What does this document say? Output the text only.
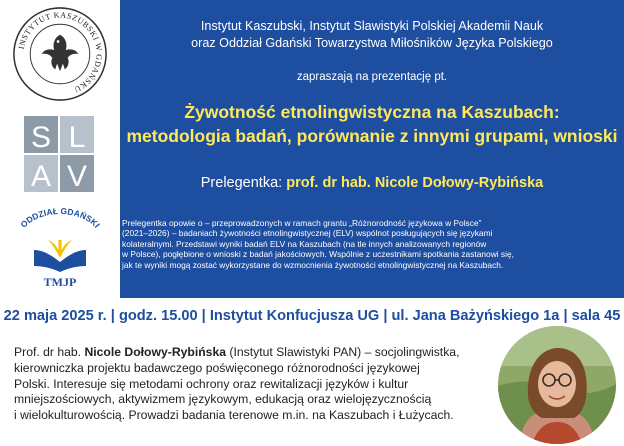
INSTYTUT KASZUBSKI W GDAŃSKU
S L
A V
ODDZIAŁ GDAŃSKI
TMJP
Instytut Kaszubski, Instytut Slawistyki Polskiej Akademii Nauk
oraz Oddział Gdański Towarzystwa Miłośników Języka Polskiego
zapraszają na prezentację pt.
Żywotność etnolingwistyczna na Kaszubach:
metodologia badań, porównanie z innymi grupami, wnioski
Prelegentka: prof. dr hab. Nicole Dołowy-Rybińska
Prelegentka opowie o – przeprowadzonych w ramach grantu „Różnorodność językowa w Polsce”
(2021–2026) – badaniach żywotności etnolingwistycznej (ELV) wspólnot posługujących się językami
kolateralnymi. Przedstawi wyniki badań ELV na Kaszubach (na tle innych analizowanych regionów
w Polsce), pogłębione o wnioski z badań jakościowych. Wspólnie z uczestnikami spotkania zastanowi się,
jak te wyniki mogą zostać wykorzystane do wzmocnienia żywotności etnolingwistycznej na Kaszubach.
22 maja 2025 r. | godz. 15.00 | Instytut Konfucjusza UG | ul. Jana Bażyńskiego 1a | sala 45
Prof. dr hab. Nicole Dołowy-Rybińska (Instytut Slawistyki PAN) – socjolingwistka,
kierowniczka projektu badawczego poświęconego różnorodności językowej
Polski. Interesuje się metodami ochrony oraz rewitalizacji języków i kultur
mniejszościowych, aktywizmem językowym, edukacją oraz wielojęzycznością
i wielokulturowością. Prowadzi badania terenowe m.in. na Kaszubach i Łużycach.
